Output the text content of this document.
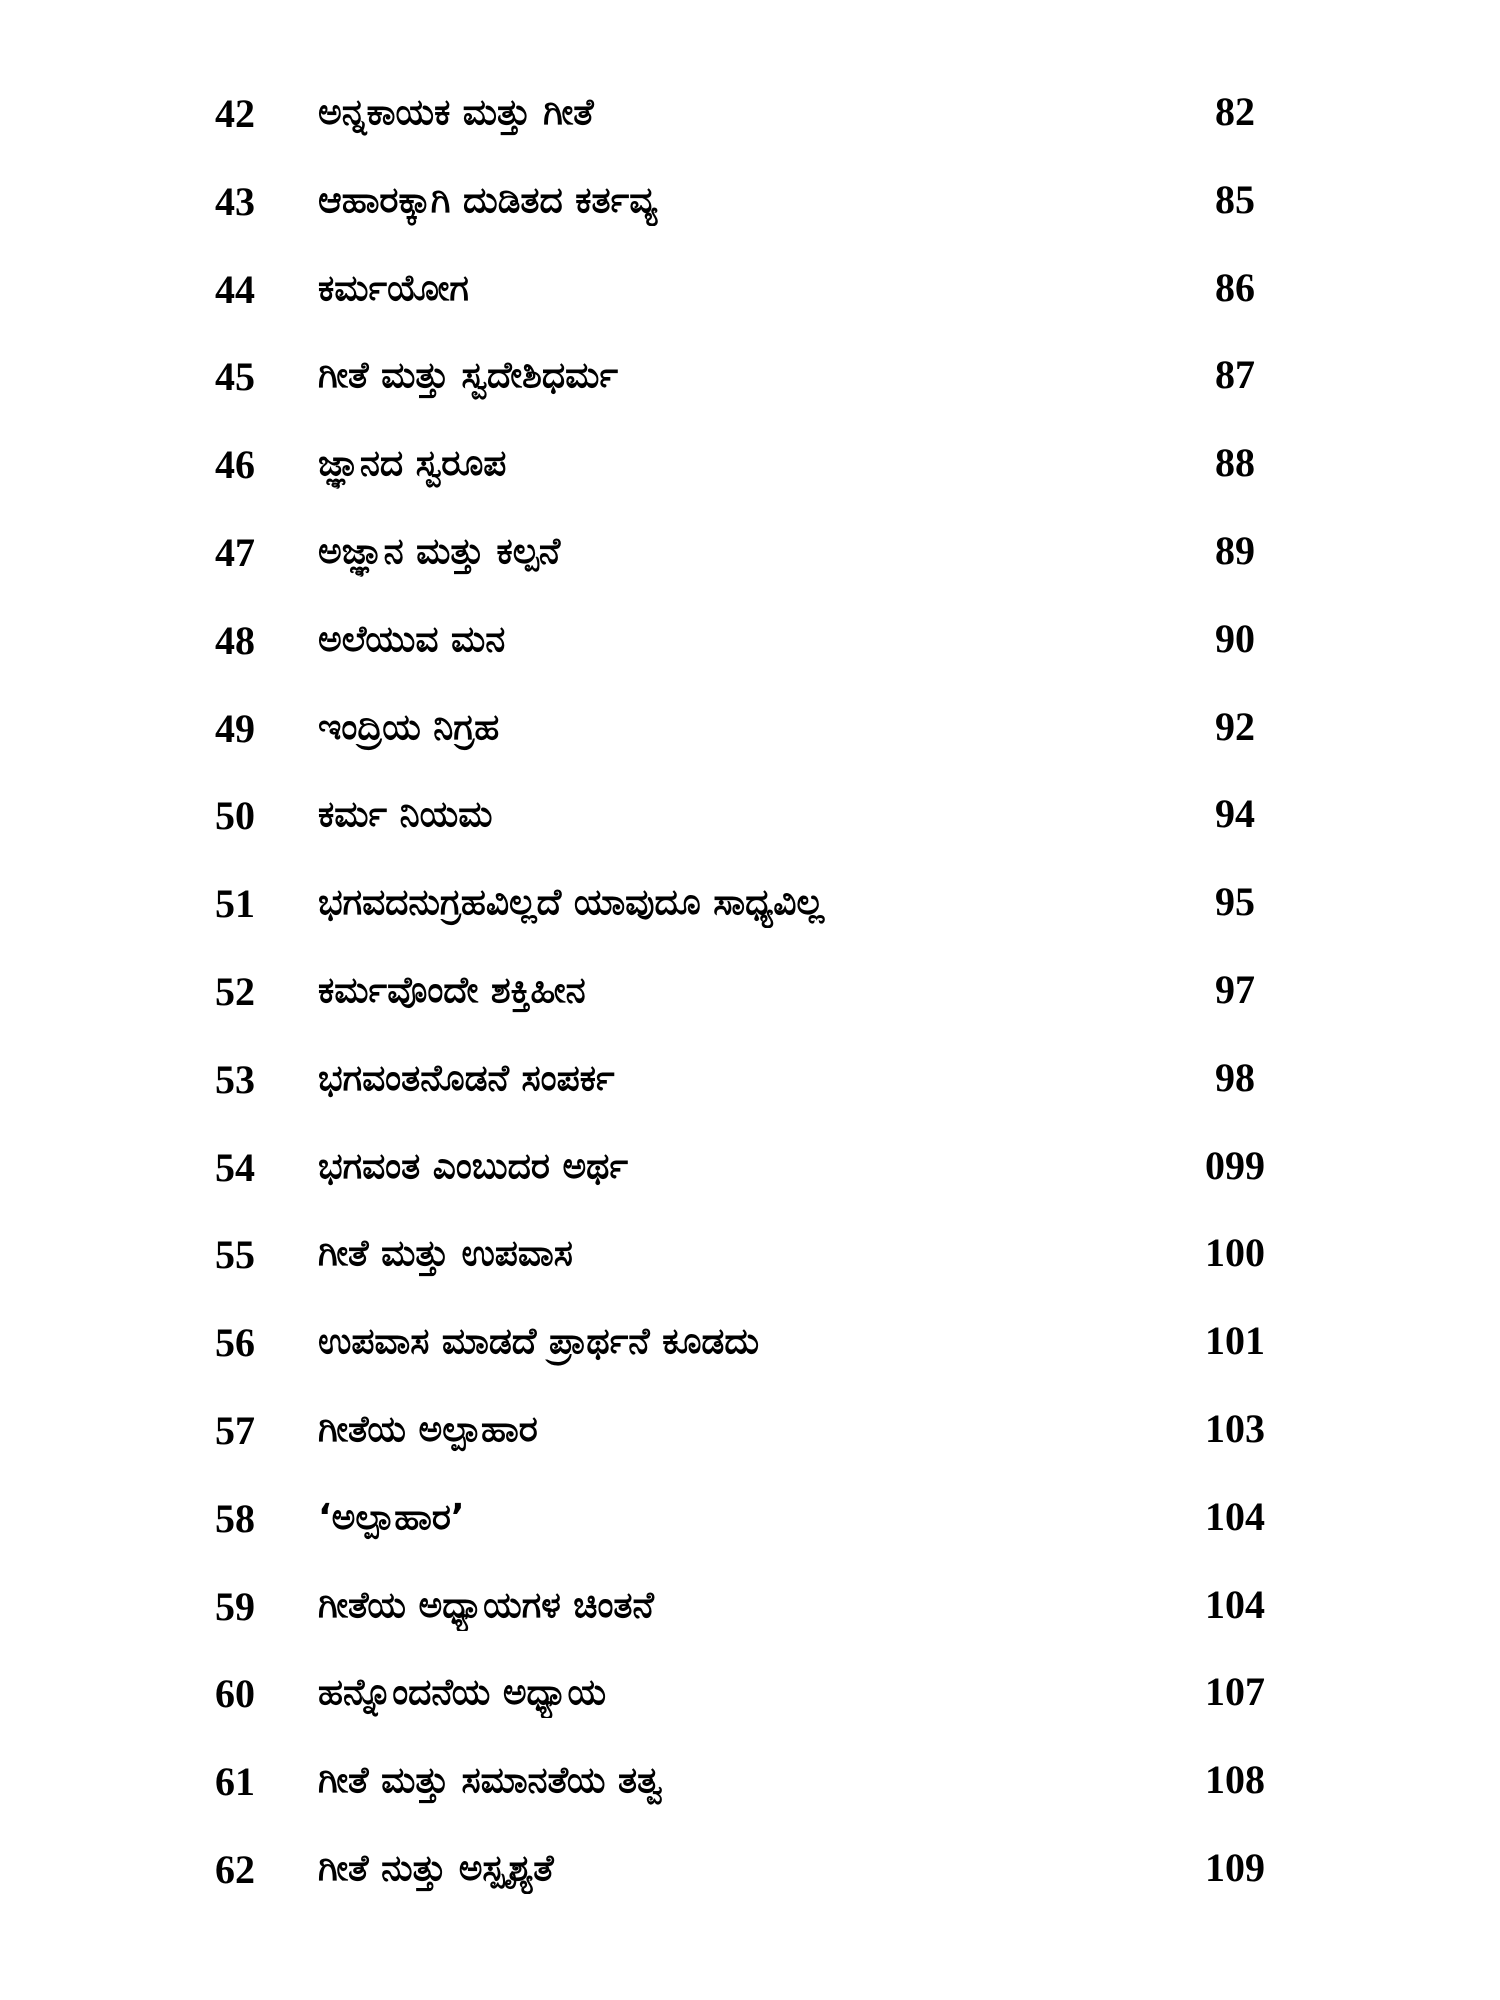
42	ಅನ್ನಕಾಯಕ ಮತ್ತು ಗೀತೆ	82
43	ಆಹಾರಕ್ಕಾಗಿ ದುಡಿತದ ಕರ್ತವ್ಯ	85
44	ಕರ್ಮಯೋಗ	86
45	ಗೀತೆ ಮತ್ತು ಸ್ವದೇಶಿಧರ್ಮ	87
46	ಜ್ಞಾನದ ಸ್ವರೂಪ	88
47	ಅಜ್ಞಾನ ಮತ್ತು ಕಲ್ಪನೆ	89
48	ಅಲೆಯುವ ಮನ	90
49	ಇಂದ್ರಿಯ ನಿಗ್ರಹ	92
50	ಕರ್ಮ ನಿಯಮ	94
51	ಭಗವದನುಗ್ರಹವಿಲ್ಲದೆ ಯಾವುದೂ ಸಾಧ್ಯವಿಲ್ಲ	95
52	ಕರ್ಮವೊಂದೇ ಶಕ್ತಿಹೀನ	97
53	ಭಗವಂತನೊಡನೆ ಸಂಪರ್ಕ	98
54	ಭಗವಂತ ಎಂಬುದರ ಅರ್ಥ	099
55	ಗೀತೆ ಮತ್ತು ಉಪವಾಸ	100
56	ಉಪವಾಸ ಮಾಡದೆ ಪ್ರಾರ್ಥನೆ ಕೂಡದು	101
57	ಗೀತೆಯ ಅಲ್ಪಾಹಾರ	103
58	‘ಅಲ್ಪಾಹಾರ’	104
59	ಗೀತೆಯ ಅಧ್ಯಾಯಗಳ ಚಿಂತನೆ	104
60	ಹನ್ನೊಂದನೆಯ ಅಧ್ಯಾಯ	107
61	ಗೀತೆ ಮತ್ತು ಸಮಾನತೆಯ ತತ್ವ	108
62	ಗೀತೆ ನುತ್ತು ಅಸ್ಪೃಶ್ಯತೆ	109
